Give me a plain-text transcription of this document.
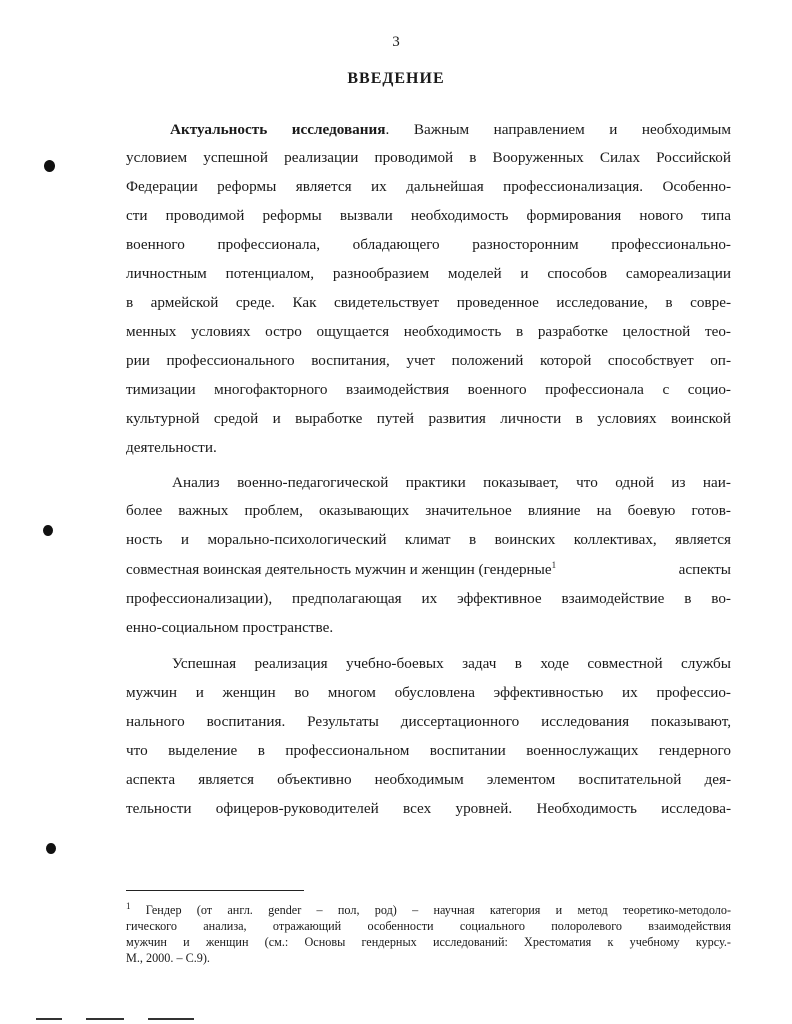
3
ВВЕДЕНИЕ
Актуальность исследования. Важным направлением и необходимым
условием успешной реализации проводимой в Вооруженных Силах Российской
Федерации реформы является их дальнейшая профессионализация. Особенно-
сти проводимой реформы вызвали необходимость формирования нового типа
военного профессионала, обладающего разносторонним профессионально-
личностным потенциалом, разнообразием моделей и способов самореализации
в армейской среде. Как свидетельствует проведенное исследование, в совре-
менных условиях остро ощущается необходимость в разработке целостной тео-
рии профессионального воспитания, учет положений которой способствует оп-
тимизации многофакторного взаимодействия военного профессионала с социо-
культурной средой и выработке путей развития личности в условиях воинской
деятельности.
Анализ военно-педагогической практики показывает, что одной из наи-
более важных проблем, оказывающих значительное влияние на боевую готов-
ность и морально-психологический климат в воинских коллективах, является
совместная воинская деятельность мужчин и женщин (гендерные$^1$	аспекты
профессионализации), предполагающая их эффективное взаимодействие в во-
енно-социальном пространстве.
Успешная реализация учебно-боевых задач в ходе совместной службы
мужчин и женщин во многом обусловлена эффективностью их профессио-
нального воспитания. Результаты диссертационного исследования показывают,
что выделение в профессиональном воспитании военнослужащих гендерного
аспекта является объективно необходимым элементом воспитательной дея-
тельности офицеров-руководителей всех уровней. Необходимость исследова-
$^1$ Гендер (от англ. gender – пол, род) – научная категория и метод теоретико-методоло-
гического анализа, отражающий особенности социального полоролевого взаимодействия
мужчин и женщин (см.: Основы гендерных исследований: Хрестоматия к учебному курсу.-
М., 2000. – С.9).
